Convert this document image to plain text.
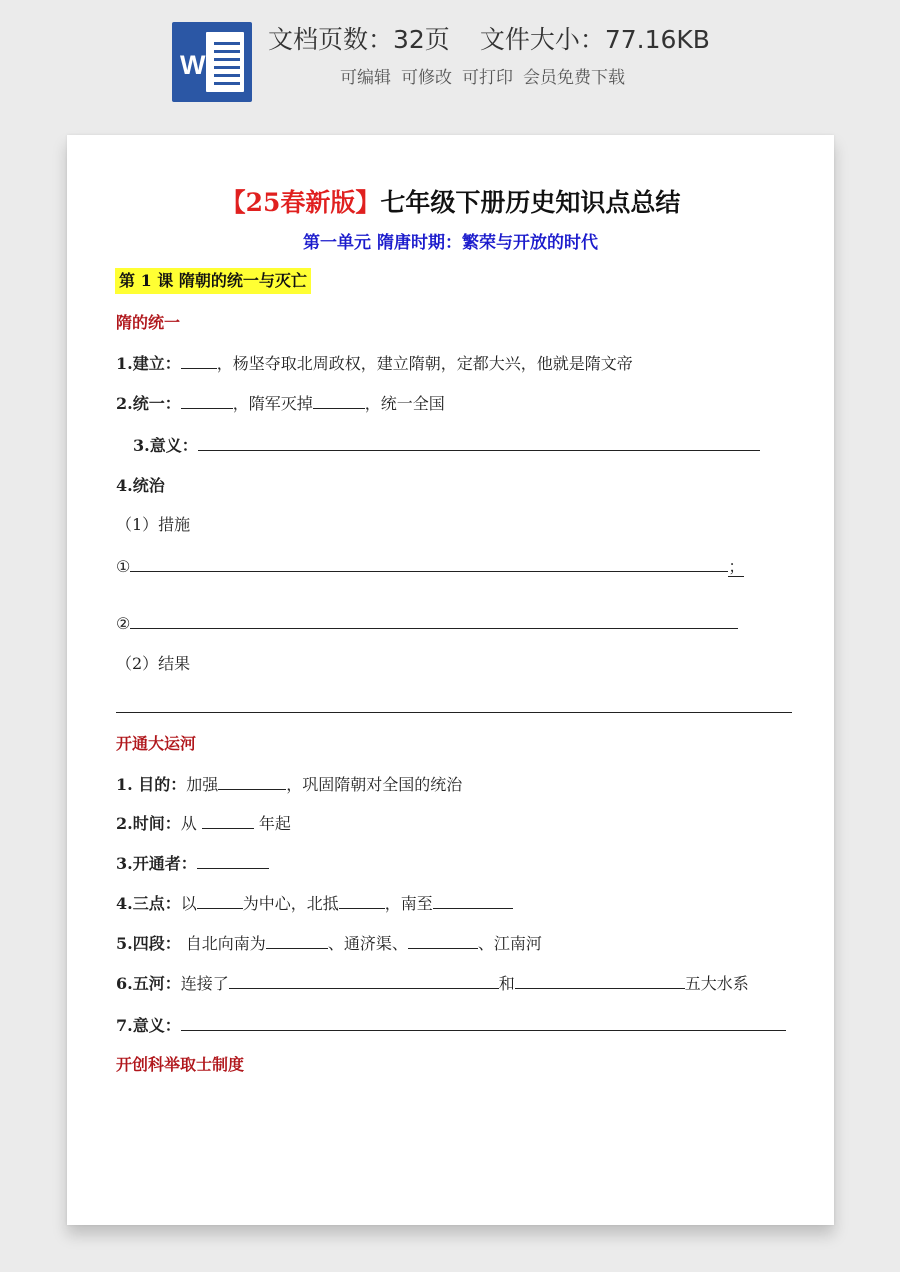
W
文档页数：32页 文件大小：77.16KB
可编辑 可修改 可打印 会员免费下载
【25春新版】七年级下册历史知识点总结
第一单元 隋唐时期：繁荣与开放的时代
第 1 课 隋朝的统一与灭亡
隋的统一
1.建立： ，杨坚夺取北周政权，建立隋朝，定都大兴，他就是隋文帝
2.统一：	，隋军灭掉	，统一全国
3.意义：
4.统治
（1）措施
①	；
②
（2）结果
开通大运河
1. 目的：加强	，巩固隋朝对全国的统治
2.时间：从	年起
3.开通者：
4.三点：以	为中心，北抵	，南至
5.四段： 自北向南为	、通济渠、	、江南河
6.五河：连接了	和	五大水系
7.意义：
开创科举取士制度
